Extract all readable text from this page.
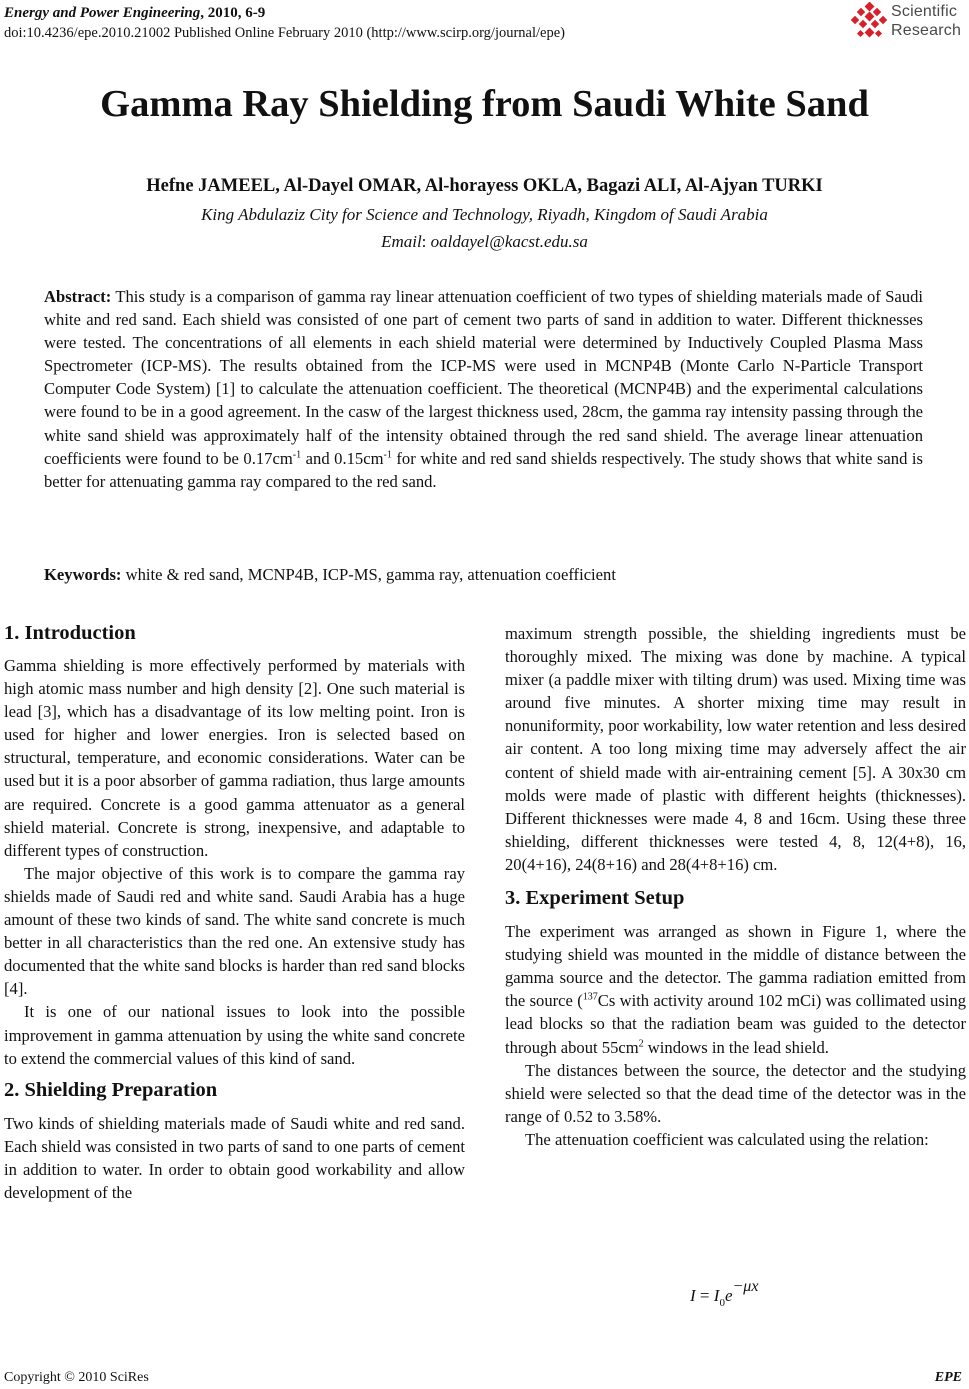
Energy and Power Engineering, 2010, 6-9
doi:10.4236/epe.2010.21002 Published Online February 2010 (http://www.scirp.org/journal/epe)
Scientific
Research
Gamma Ray Shielding from Saudi White Sand
Hefne JAMEEL, Al-Dayel OMAR, Al-horayess OKLA, Bagazi ALI, Al-Ajyan TURKI
King Abdulaziz City for Science and Technology, Riyadh, Kingdom of Saudi Arabia
Email: oaldayel@kacst.edu.sa
Abstract: This study is a comparison of gamma ray linear attenuation coefficient of two types of shielding materials made of Saudi white and red sand. Each shield was consisted of one part of cement two parts of sand in addition to water. Different thicknesses were tested. The concentrations of all elements in each shield material were determined by Inductively Coupled Plasma Mass Spectrometer (ICP-MS). The results obtained from the ICP-MS were used in MCNP4B (Monte Carlo N-Particle Transport Computer Code System) [1] to calculate the attenuation coefficient. The theoretical (MCNP4B) and the experimental calculations were found to be in a good agreement. In the casw of the largest thickness used, 28cm, the gamma ray intensity passing through the white sand shield was approximately half of the intensity obtained through the red sand shield. The average linear attenuation coefficients were found to be $0.17cm^{-1}$ and $0.15cm^{-1}$ for white and red sand shields respectively. The study shows that white sand is better for attenuating gamma ray compared to the red sand.
Keywords: white & red sand, MCNP4B, ICP-MS, gamma ray, attenuation coefficient
1. Introduction

Gamma shielding is more effectively performed by materials with high atomic mass number and high density [2]. One such material is lead [3], which has a disadvantage of its low melting point. Iron is used for higher and lower energies. Iron is selected based on structural, temperature, and economic considerations. Water can be used but it is a poor absorber of gamma radiation, thus large amounts are required. Concrete is a good gamma attenuator as a general shield material. Concrete is strong, inexpensive, and adaptable to different types of construction.

The major objective of this work is to compare the gamma ray shields made of Saudi red and white sand. Saudi Arabia has a huge amount of these two kinds of sand. The white sand concrete is much better in all characteristics than the red one. An extensive study has documented that the white sand blocks is harder than red sand blocks [4].

It is one of our national issues to look into the possible improvement in gamma attenuation by using the white sand concrete to extend the commercial values of this kind of sand.

2. Shielding Preparation

Two kinds of shielding materials made of Saudi white and red sand. Each shield was consisted in two parts of sand to one parts of cement in addition to water. In order to obtain good workability and allow development of the

maximum strength possible, the shielding ingredients must be thoroughly mixed. The mixing was done by machine. A typical mixer (a paddle mixer with tilting drum) was used. Mixing time was around five minutes. A shorter mixing time may result in nonuniformity, poor workability, low water retention and less desired air content. A too long mixing time may adversely affect the air content of shield made with air-entraining cement [5]. A 30x30 cm molds were made of plastic with different heights (thicknesses). Different thicknesses were made 4, 8 and 16cm. Using these three shielding, different thicknesses were tested 4, 8, 12(4+8), 16, 20(4+16), 24(8+16) and 28(4+8+16) cm.

3. Experiment Setup

The experiment was arranged as shown in Figure 1, where the studying shield was mounted in the middle of distance between the gamma source and the detector. The gamma radiation emitted from the source ($^{137}$Cs with activity around 102 mCi) was collimated using lead blocks so that the radiation beam was guided to the detector through about $55cm^2$ windows in the lead shield.

The distances between the source, the detector and the studying shield were selected so that the dead time of the detector was in the range of 0.52 to 3.58%.

The attenuation coefficient was calculated using the relation:

$I = I_0e-\mu x$
Copyright © 2010 SciRes	EPE
